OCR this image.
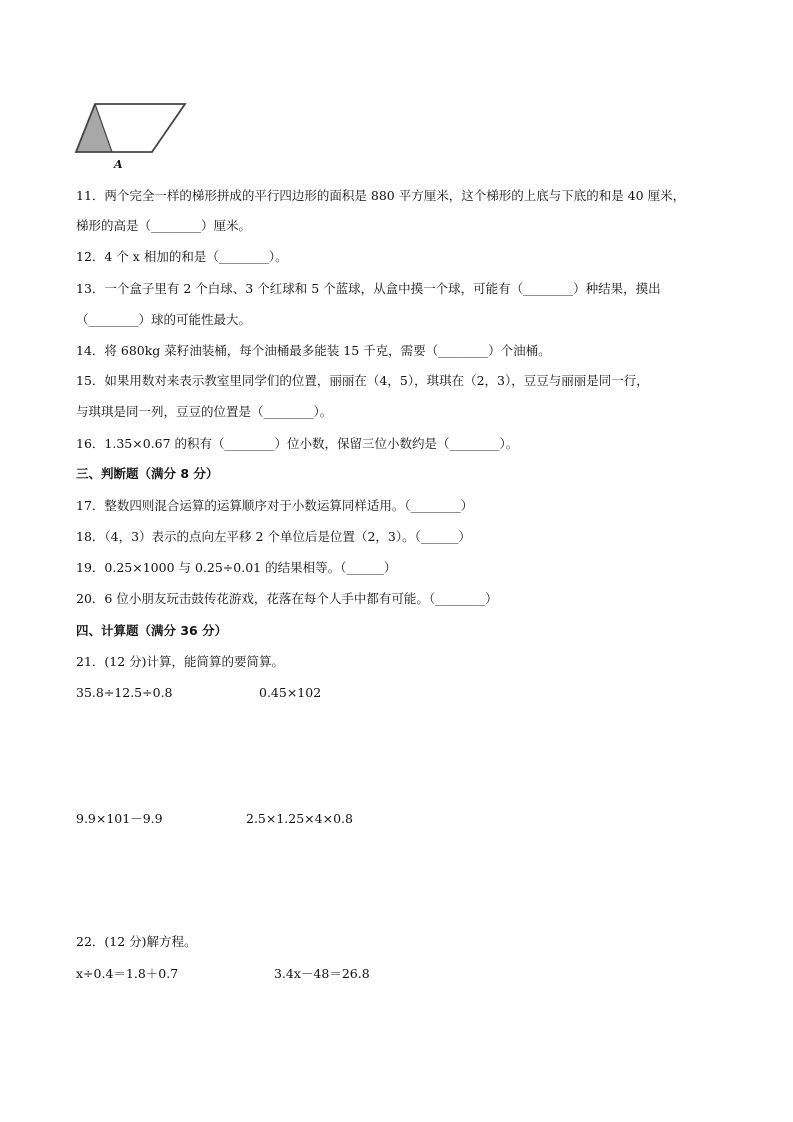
A
11．两个完全一样的梯形拼成的平行四边形的面积是 880 平方厘米，这个梯形的上底与下底的和是 40 厘米，
梯形的高是（________）厘米。
12．4 个 x 相加的和是（________）。
13．一个盒子里有 2 个白球、3 个红球和 5 个蓝球，从盒中摸一个球，可能有（________）种结果，摸出
（________）球的可能性最大。
14．将 680kg 菜籽油装桶，每个油桶最多能装 15 千克，需要（________）个油桶。
15．如果用数对来表示教室里同学们的位置，丽丽在（4，5），琪琪在（2，3），豆豆与丽丽是同一行，
与琪琪是同一列，豆豆的位置是（________）。
16．1.35×0.67 的积有（________）位小数，保留三位小数约是（________）。
三、判断题（满分 8 分）
17．整数四则混合运算的运算顺序对于小数运算同样适用。（________）
18．（4，3）表示的点向左平移 2 个单位后是位置（2，3）。（______）
19．0.25×1000 与 0.25÷0.01 的结果相等。（______）
20．6 位小朋友玩击鼓传花游戏，花落在每个人手中都有可能。（________）
四、计算题（满分 36 分）
21．(12 分)计算，能简算的要简算。
35.8÷12.5÷0.8	0.45×102
9.9×101－9.9	2.5×1.25×4×0.8
22．(12 分)解方程。
x÷0.4＝1.8＋0.7	3.4x－48＝26.8
